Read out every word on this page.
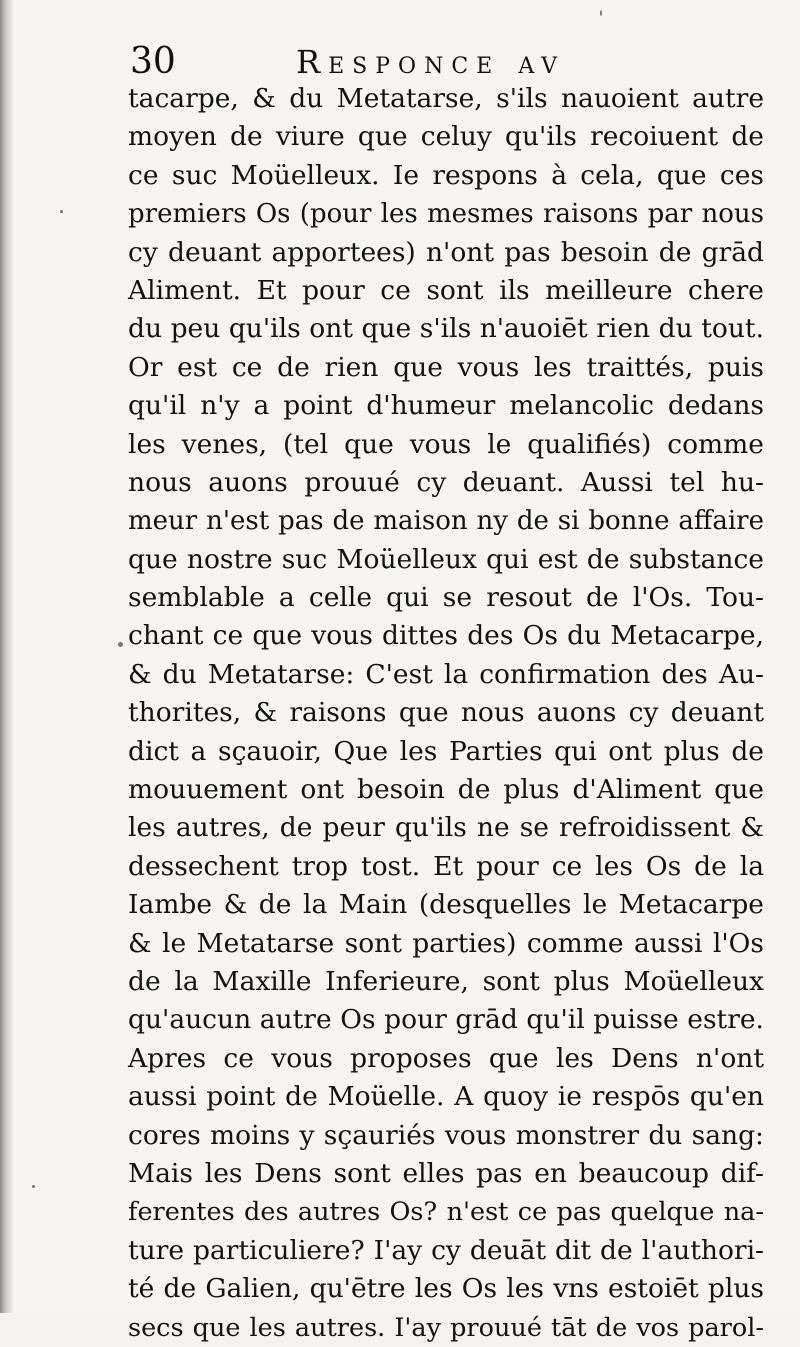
30	Responce av
tacarpe, & du Metatarse, s'ils nauoient autre
moyen de viure que celuy qu'ils recoiuent de
ce suc Moüelleux. Ie respons à cela, que ces
premiers Os (pour les mesmes raisons par nous
cy deuant apportees) n'ont pas besoin de grād
Aliment. Et pour ce sont ils meilleure chere
du peu qu'ils ont que s'ils n'auoiēt rien du tout.
Or est ce de rien que vous les traittés, puis
qu'il n'y a point d'humeur melancolic dedans
les venes, (tel que vous le qualifiés) comme
nous auons prouué cy deuant. Aussi tel hu-
meur n'est pas de maison ny de si bonne affaire
que nostre suc Moüelleux qui est de substance
semblable a celle qui se resout de l'Os. Tou-
chant ce que vous dittes des Os du Metacarpe,
& du Metatarse: C'est la confirmation des Au-
thorites, & raisons que nous auons cy deuant
dict a sçauoir, Que les Parties qui ont plus de
mouuement ont besoin de plus d'Aliment que
les autres, de peur qu'ils ne se refroidissent &
dessechent trop tost. Et pour ce les Os de la
Iambe & de la Main (desquelles le Metacarpe
& le Metatarse sont parties) comme aussi l'Os
de la Maxille Inferieure, sont plus Moüelleux
qu'aucun autre Os pour grād qu'il puisse estre.
Apres ce vous proposes que les Dens n'ont
aussi point de Moüelle. A quoy ie respōs qu'en
cores moins y sçauriés vous monstrer du sang:
Mais les Dens sont elles pas en beaucoup dif-
ferentes des autres Os? n'est ce pas quelque na-
ture particuliere? I'ay cy deuāt dit de l'authori-
té de Galien, qu'ētre les Os les vns estoiēt plus
secs que les autres. I'ay prouué tāt de vos parol-
